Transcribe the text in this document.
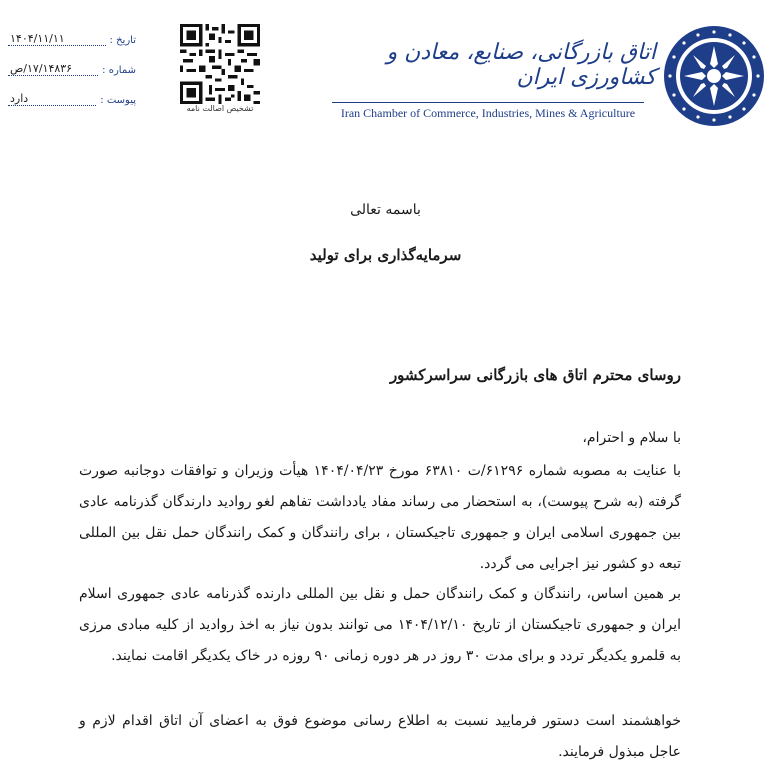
تاریخ :
۱۴۰۴/۱۱/۱۱
شماره :
۱۷/۱۴۸۳۶/ص
پیوست :
دارد
تشخیص اصالت نامه
اتاق بازرگانی، صنایع، معادن و کشاورزی ایران
Iran Chamber of Commerce, Industries, Mines & Agriculture
باسمه تعالی
سرمایه‌گذاری برای تولید
روسای محترم اتاق های بازرگانی سراسرکشور
با سلام و احترام،
با عنایت به مصوبه شماره ۶۱۲۹۶/ت ۶۳۸۱۰ مورخ ۱۴۰۴/۰۴/۲۳ هیأت وزیران و توافقات دوجانبه صورت گرفته (به شرح پیوست)، به استحضار می رساند مفاد یادداشت تفاهم لغو روادید دارندگان گذرنامه عادی بین جمهوری اسلامی ایران و جمهوری تاجیکستان ، برای رانندگان و کمک رانندگان حمل نقل بین المللی تبعه دو کشور نیز اجرایی می گردد.
بر همین اساس، رانندگان و کمک رانندگان حمل و نقل بین المللی دارنده گذرنامه عادی جمهوری اسلام ایران و جمهوری تاجیکستان از تاریخ ۱۴۰۴/۱۲/۱۰ می توانند بدون نیاز به اخذ روادید از کلیه مبادی مرزی به قلمرو یکدیگر تردد و برای مدت ۳۰ روز در هر دوره زمانی ۹۰ روزه در خاک یکدیگر اقامت نمایند.
خواهشمند است دستور فرمایید نسبت به اطلاع رسانی موضوع فوق به اعضای آن اتاق اقدام لازم و عاجل مبذول فرمایند.
